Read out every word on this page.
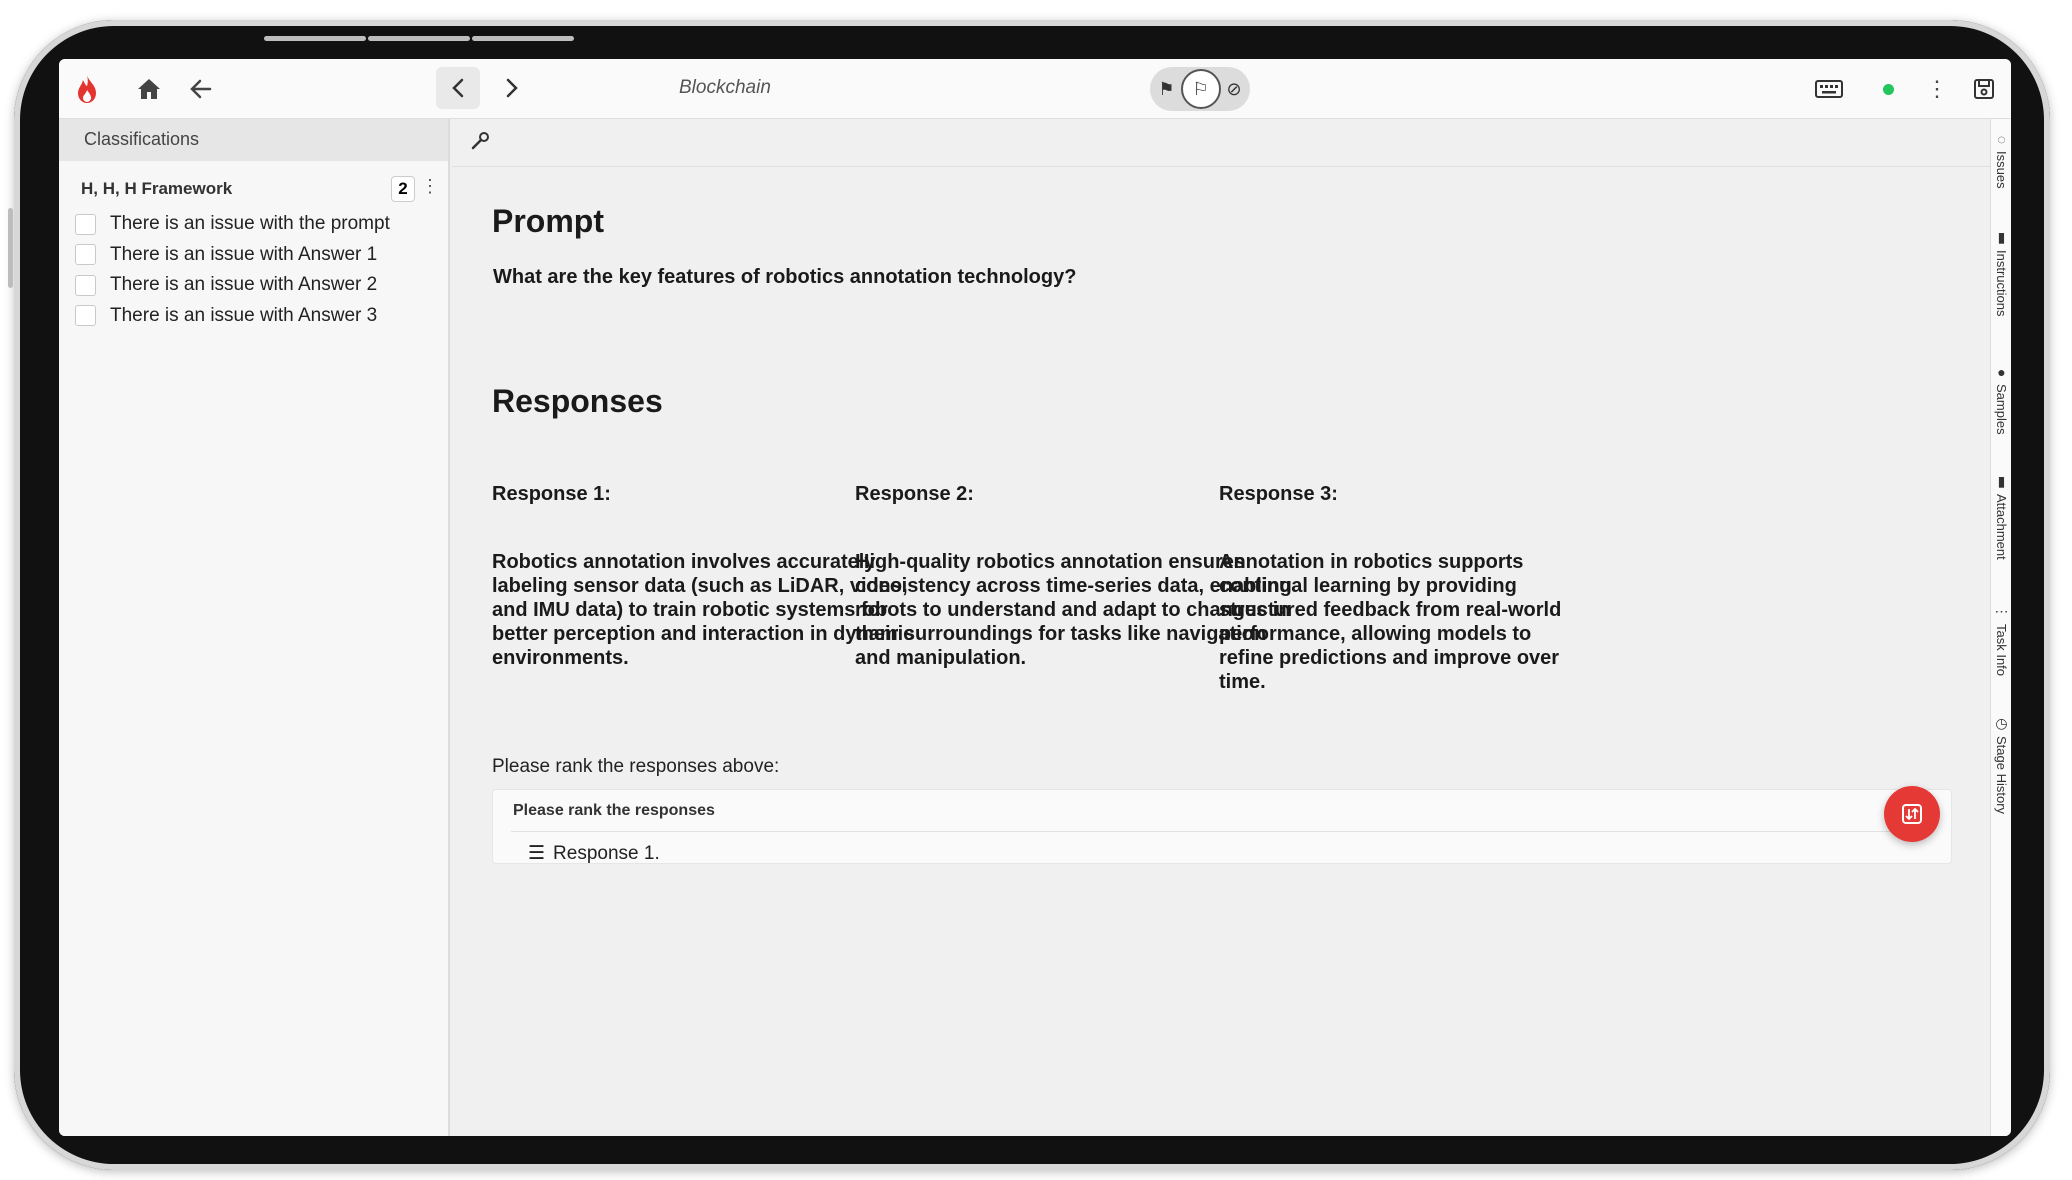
Blockchain	⚑ ⚐ ⊘	⋮
Classifications
H, H, H Framework	2 ⋮
There is an issue with the prompt
There is an issue with Answer 1
There is an issue with Answer 2
There is an issue with Answer 3
Prompt
What are the key features of robotics annotation technology?
Responses
Response 1:
Robotics annotation involves accurately labeling sensor data (such as LiDAR, video, and IMU data) to train robotic systems for better perception and interaction in dynamic environments.
Response 2:
High-quality robotics annotation ensures consistency across time-series data, enabling robots to understand and adapt to changes in their surroundings for tasks like navigation and manipulation.
Response 3:
Annotation in robotics supports continual learning by providing structured feedback from real-world performance, allowing models to refine predictions and improve over time.
Please rank the responses above:
Please rank the responses
☰ Response 1.
◌
Issues
▮
Instructions
●
Samples
▮
Attachment
⋯
Task Info
◷
Stage History
